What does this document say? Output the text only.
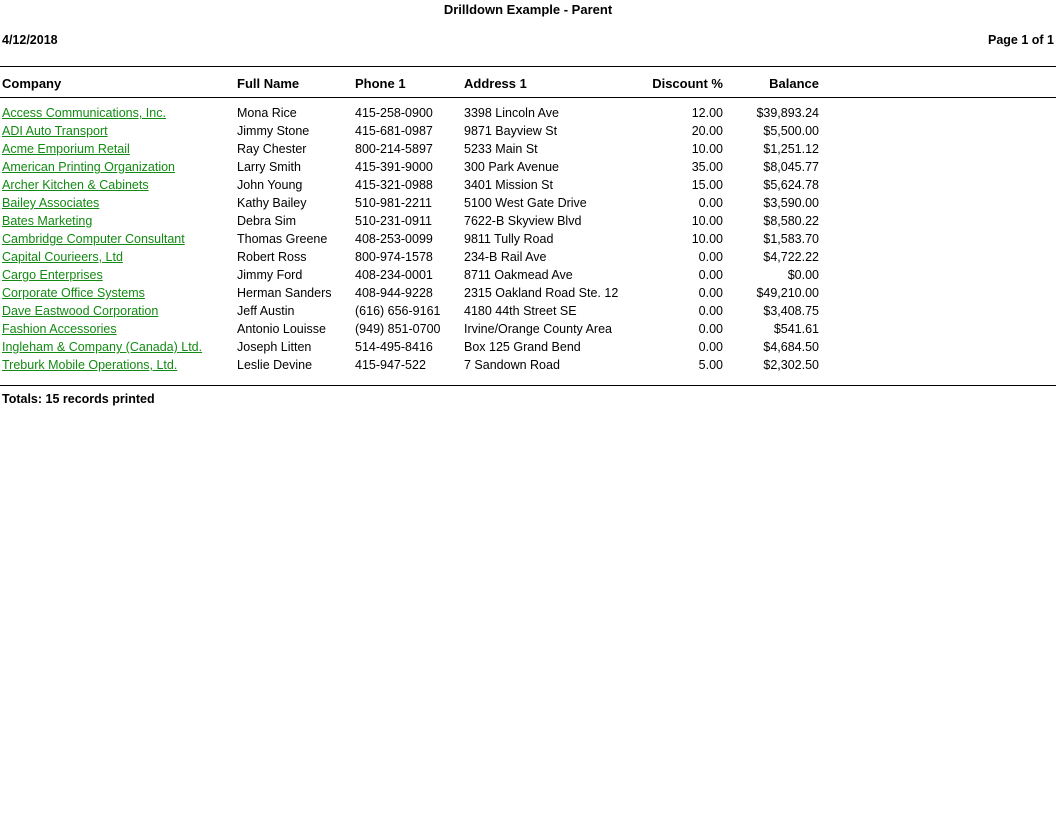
Drilldown Example - Parent
4/12/2018	Page 1 of 1
Company	Full Name	Phone 1	Address 1	Discount %	Balance
Access Communications, Inc.	Mona Rice	415-258-0900 3398 Lincoln Ave	12.00	$39,893.24
ADI Auto Transport	Jimmy Stone	415-681-0987 9871 Bayview St	20.00	$5,500.00
Acme Emporium Retail	Ray Chester	800-214-5897 5233 Main St	10.00	$1,251.12
American Printing Organization	Larry Smith	415-391-9000 300 Park Avenue	35.00	$8,045.77
Archer Kitchen & Cabinets	John Young	415-321-0988 3401 Mission St	15.00	$5,624.78
Bailey Associates	Kathy Bailey	510-981-2211	5100 West Gate Drive	0.00	$3,590.00
Bates Marketing	Debra Sim	510-231-0911	7622-B Skyview Blvd	10.00	$8,580.22
Cambridge Computer Consultant	Thomas Greene 408-253-0099 9811 Tully Road	10.00	$1,583.70
Capital Courieers, Ltd	Robert Ross	800-974-1578 234-B Rail Ave	0.00	$4,722.22
Cargo Enterprises	Jimmy Ford	408-234-0001 8711 Oakmead Ave	0.00	$0.00
Corporate Office Systems	Herman Sanders 408-944-9228 2315 Oakland Road Ste. 12	0.00	$49,210.00
Dave Eastwood Corporation	Jeff Austin	(616) 656-9161 4180 44th Street SE	0.00	$3,408.75
Fashion Accessories	Antonio Louisse (949) 851-0700 Irvine/Orange County Area	0.00	$541.61
Ingleham & Company (Canada) Ltd.	Joseph Litten	514-495-8416 Box 125 Grand Bend	0.00	$4,684.50
Treburk Mobile Operations, Ltd.	Leslie Devine	415-947-522	7 Sandown Road	5.00	$2,302.50
Totals: 15 records printed
